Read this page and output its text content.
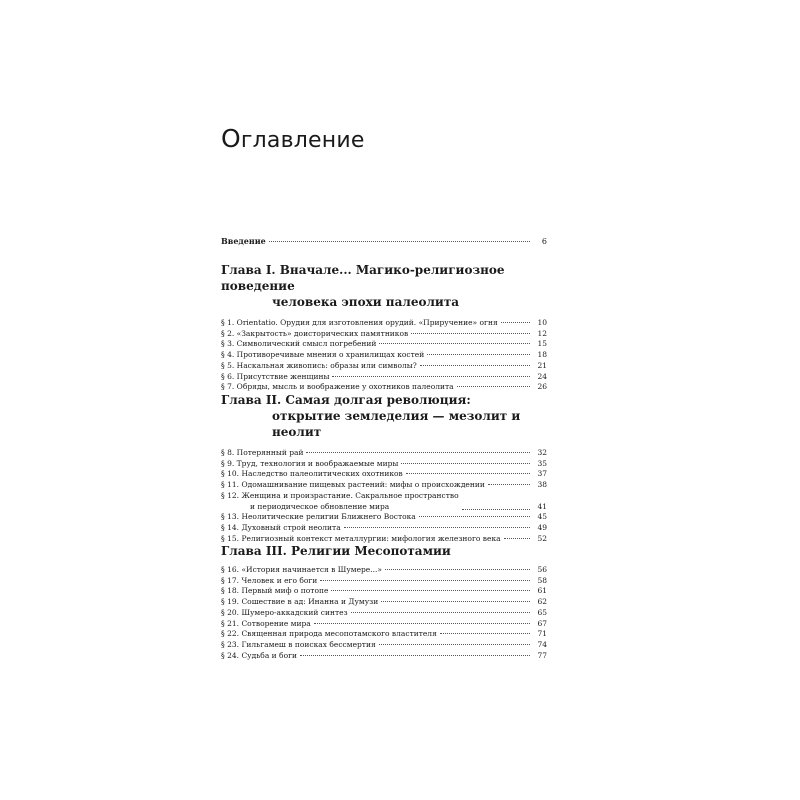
Оглавление
Введение	6
Глава I. Вначале... Магико-религиозное поведение
человека эпохи палеолита
§ 1. Orientatio. Орудия для изготовления орудий. «Приручение» огня	10
§ 2. «Закрытость» доисторических памятников	12
§ 3. Символический смысл погребений	15
§ 4. Противоречивые мнения о хранилищах костей	18
§ 5. Наскальная живопись: образы или символы?	21
§ 6. Присутствие женщины	24
§ 7. Обряды, мысль и воображение у охотников палеолита	26
Глава II. Самая долгая революция:
открытие земледелия — мезолит и неолит
§ 8. Потерянный рай	32
§ 9. Труд, технология и воображаемые миры	35
§ 10. Наследство палеолитических охотников	37
§ 11. Одомашнивание пищевых растений: мифы о происхождении	38
§ 12. Женщина и произрастание. Сакральное пространство
и периодическое обновление мира	41
§ 13. Неолитические религии Ближнего Востока	45
§ 14. Духовный строй неолита	49
§ 15. Религиозный контекст металлургии: мифология железного века	52
Глава III. Религии Месопотамии
§ 16. «История начинается в Шумере...»	56
§ 17. Человек и его боги	58
§ 18. Первый миф о потопе	61
§ 19. Сошествие в ад: Инанна и Думузи	62
§ 20. Шумеро-аккадский синтез	65
§ 21. Сотворение мира	67
§ 22. Священная природа месопотамского властителя	71
§ 23. Гильгамеш в поисках бессмертия	74
§ 24. Судьба и боги	77
